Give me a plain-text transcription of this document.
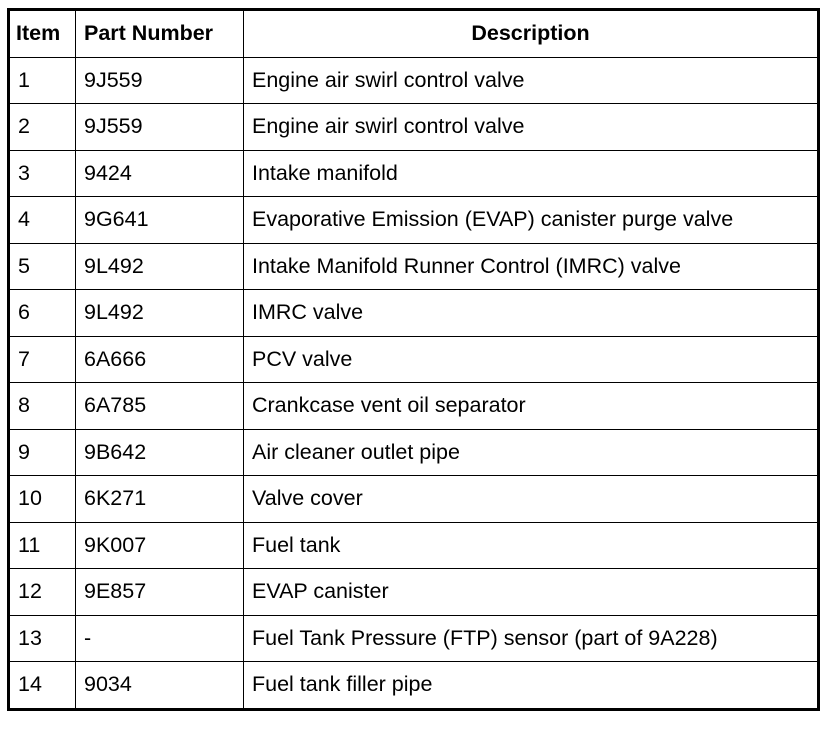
Item	Part Number	Description
1	9J559	Engine air swirl control valve
2	9J559	Engine air swirl control valve
3	9424	Intake manifold
4	9G641	Evaporative Emission (EVAP) canister purge valve
5	9L492	Intake Manifold Runner Control (IMRC) valve
6	9L492	IMRC valve
7	6A666	PCV valve
8	6A785	Crankcase vent oil separator
9	9B642	Air cleaner outlet pipe
10	6K271	Valve cover
11	9K007	Fuel tank
12	9E857	EVAP canister
13	-	Fuel Tank Pressure (FTP) sensor (part of 9A228)
14	9034	Fuel tank filler pipe
